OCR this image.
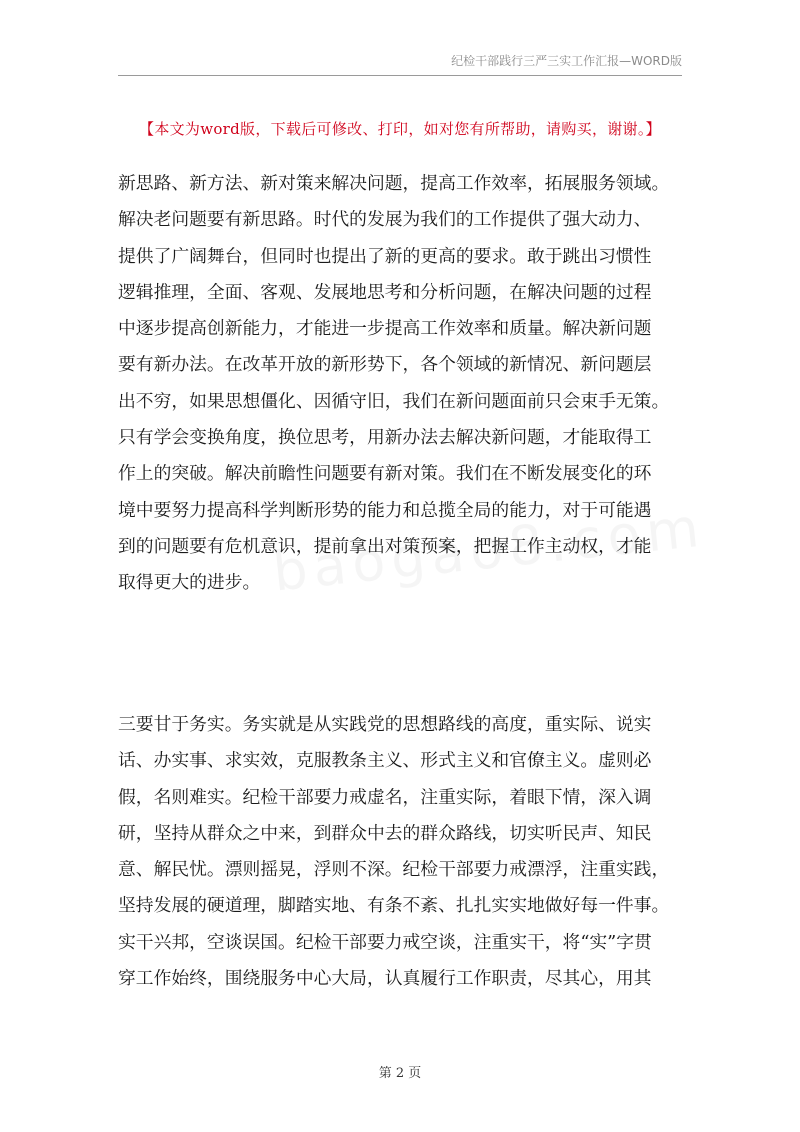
纪检干部践行三严三实工作汇报—WORD版
【本文为word版，下载后可修改、打印，如对您有所帮助，请购买，谢谢。】
新思路、新方法、新对策来解决问题，提高工作效率，拓展服务领域。
解决老问题要有新思路。时代的发展为我们的工作提供了强大动力、
提供了广阔舞台，但同时也提出了新的更高的要求。敢于跳出习惯性
逻辑推理，全面、客观、发展地思考和分析问题，在解决问题的过程
中逐步提高创新能力，才能进一步提高工作效率和质量。解决新问题
要有新办法。在改革开放的新形势下，各个领域的新情况、新问题层
出不穷，如果思想僵化、因循守旧，我们在新问题面前只会束手无策。
只有学会变换角度，换位思考，用新办法去解决新问题，才能取得工
作上的突破。解决前瞻性问题要有新对策。我们在不断发展变化的环
境中要努力提高科学判断形势的能力和总揽全局的能力，对于可能遇
到的问题要有危机意识，提前拿出对策预案，把握工作主动权，才能
取得更大的进步。
三要甘于务实。务实就是从实践党的思想路线的高度，重实际、说实
话、办实事、求实效，克服教条主义、形式主义和官僚主义。虚则必
假，名则难实。纪检干部要力戒虚名，注重实际，着眼下情，深入调
研，坚持从群众之中来，到群众中去的群众路线，切实听民声、知民
意、解民忧。漂则摇晃，浮则不深。纪检干部要力戒漂浮，注重实践，
坚持发展的硬道理，脚踏实地、有条不紊、扎扎实实地做好每一件事。
实干兴邦，空谈误国。纪检干部要力戒空谈，注重实干，将“实”字贯
穿工作始终，围绕服务中心大局，认真履行工作职责，尽其心，用其
第 2 页
